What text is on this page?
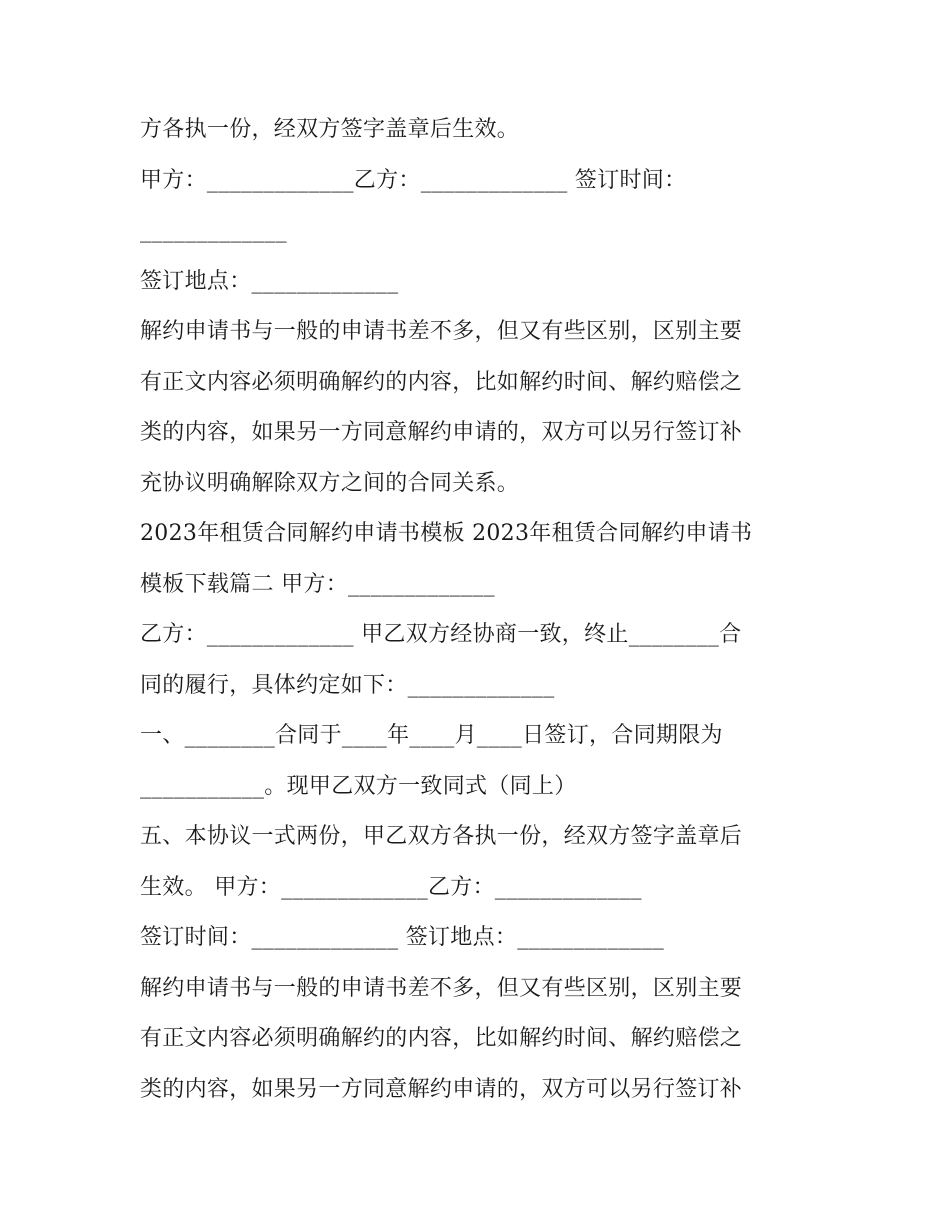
方各执一份，经双方签字盖章后生效。
甲方：_____________乙方：_____________ 签订时间：
_____________
签订地点：_____________
解约申请书与一般的申请书差不多，但又有些区别，区别主要
有正文内容必须明确解约的内容，比如解约时间、解约赔偿之
类的内容，如果另一方同意解约申请的，双方可以另行签订补
充协议明确解除双方之间的合同关系。
2023年租赁合同解约申请书模板 2023年租赁合同解约申请书
模板下载篇二 甲方：_____________
乙方：_____________ 甲乙双方经协商一致，终止________合
同的履行，具体约定如下：_____________
一、________合同于____年____月____日签订，合同期限为
___________。现甲乙双方一致同式（同上）
五、本协议一式两份，甲乙双方各执一份，经双方签字盖章后
生效。 甲方：_____________乙方：_____________
签订时间：_____________ 签订地点：_____________
解约申请书与一般的申请书差不多，但又有些区别，区别主要
有正文内容必须明确解约的内容，比如解约时间、解约赔偿之
类的内容，如果另一方同意解约申请的，双方可以另行签订补
